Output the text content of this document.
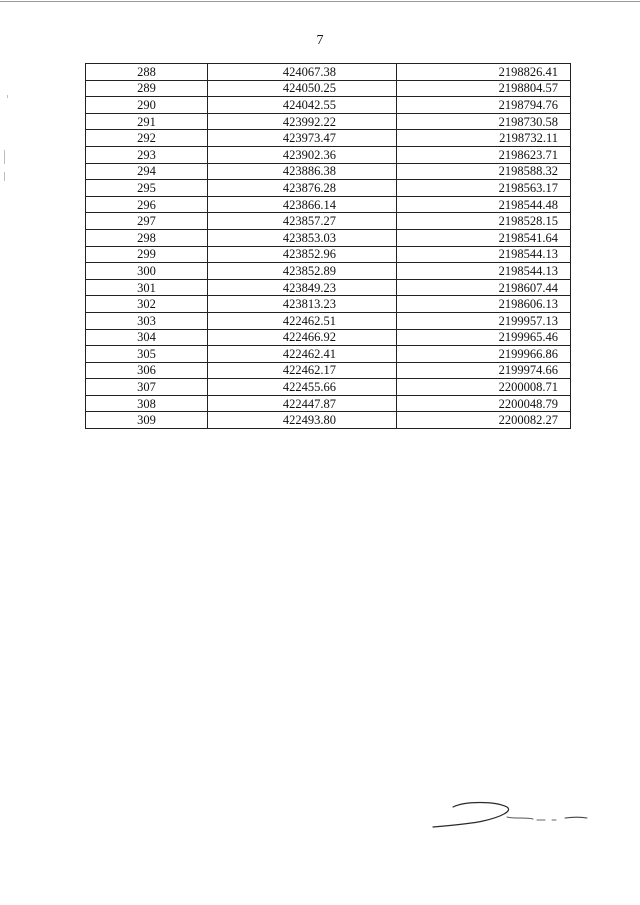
7
288	424067.38	2198826.41
289	424050.25	2198804.57
290	424042.55	2198794.76
291	423992.22	2198730.58
292	423973.47	2198732.11
293	423902.36	2198623.71
294	423886.38	2198588.32
295	423876.28	2198563.17
296	423866.14	2198544.48
297	423857.27	2198528.15
298	423853.03	2198541.64
299	423852.96	2198544.13
300	423852.89	2198544.13
301	423849.23	2198607.44
302	423813.23	2198606.13
303	422462.51	2199957.13
304	422466.92	2199965.46
305	422462.41	2199966.86
306	422462.17	2199974.66
307	422455.66	2200008.71
308	422447.87	2200048.79
309	422493.80	2200082.27
